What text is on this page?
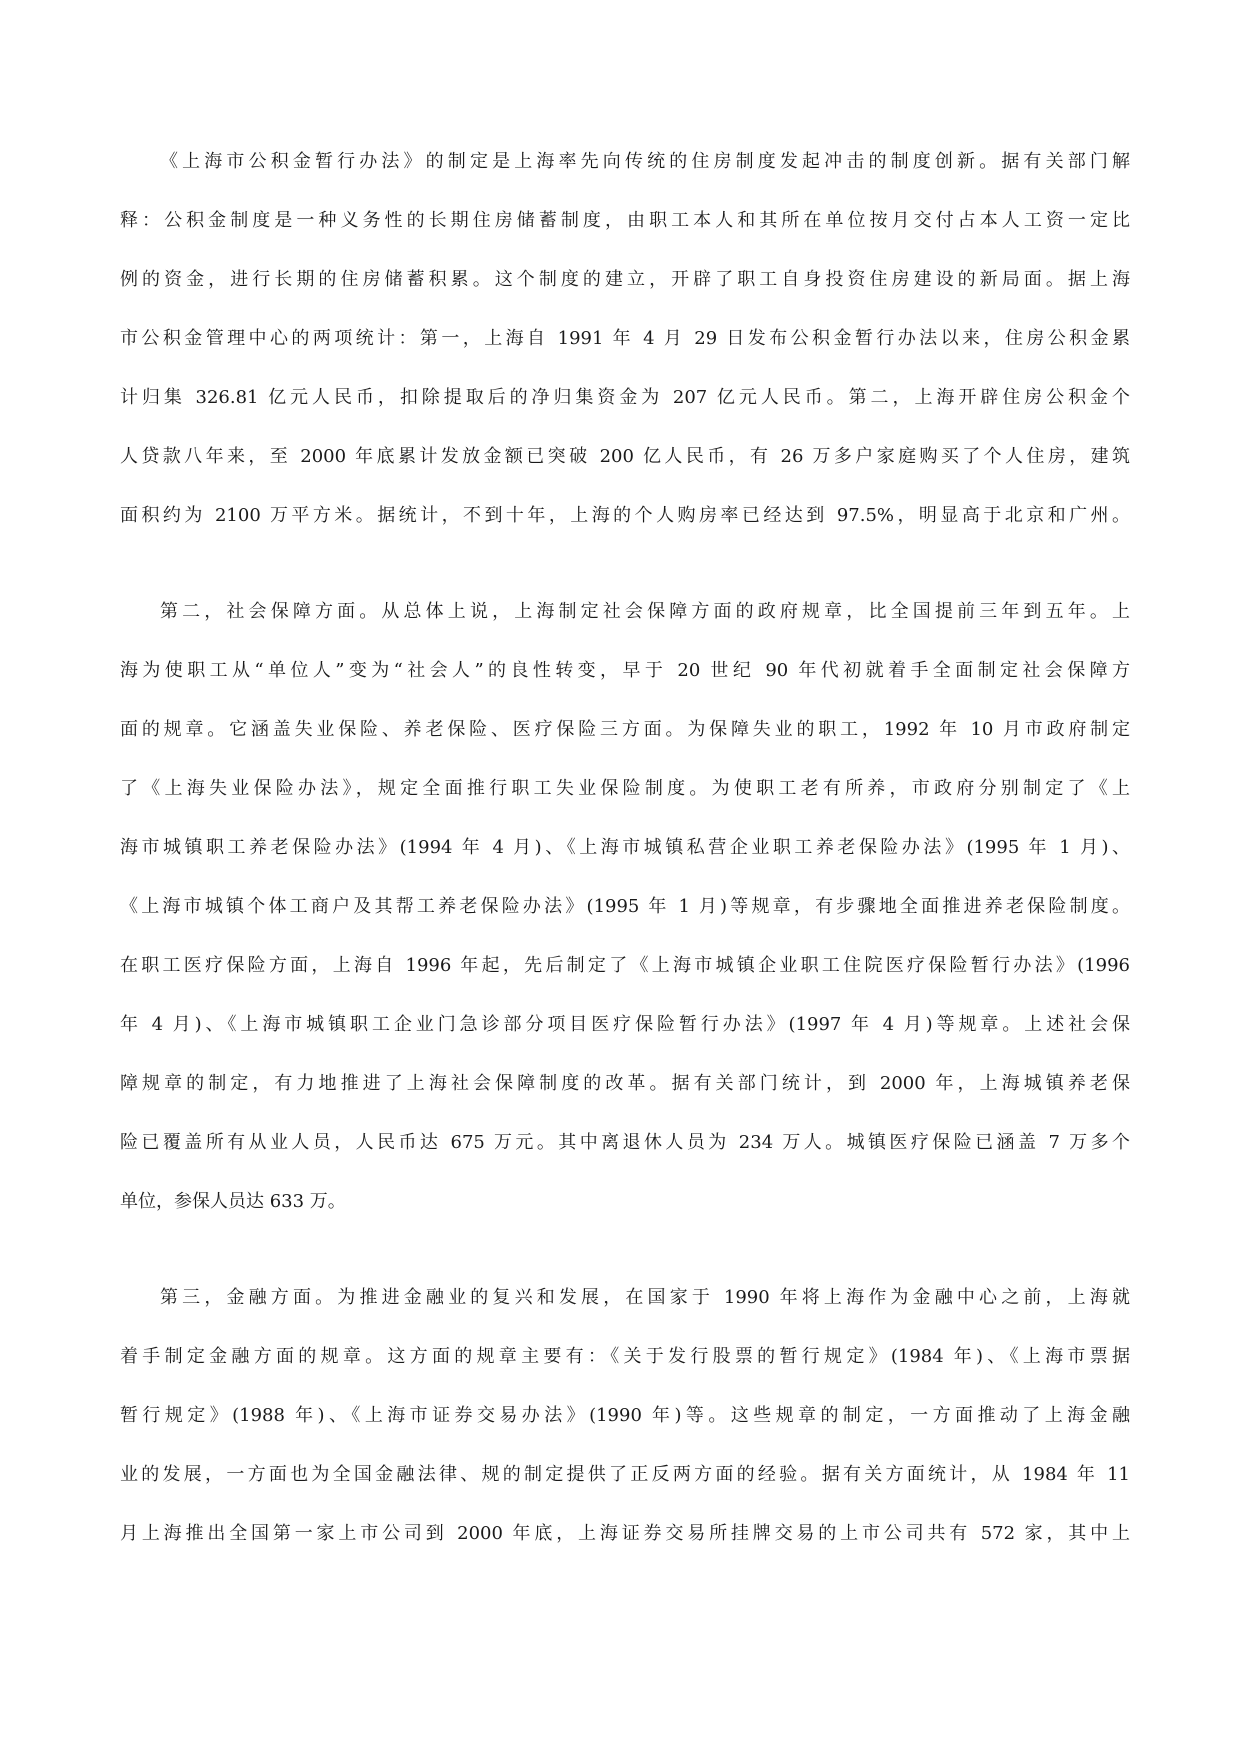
《上海市公积金暂行办法》的制定是上海率先向传统的住房制度发起冲击的制度创新。据有关部门解
释：公积金制度是一种义务性的长期住房储蓄制度，由职工本人和其所在单位按月交付占本人工资一定比
例的资金，进行长期的住房储蓄积累。这个制度的建立，开辟了职工自身投资住房建设的新局面。据上海
市公积金管理中心的两项统计：第一，上海自 1991 年 4 月 29 日发布公积金暂行办法以来，住房公积金累
计归集 326.81 亿元人民币，扣除提取后的净归集资金为 207 亿元人民币。第二，上海开辟住房公积金个
人贷款八年来，至 2000 年底累计发放金额已突破 200 亿人民币，有 26 万多户家庭购买了个人住房，建筑
面积约为 2100 万平方米。据统计，不到十年，上海的个人购房率已经达到 97.5%，明显高于北京和广州。
第二，社会保障方面。从总体上说，上海制定社会保障方面的政府规章，比全国提前三年到五年。上
海为使职工从“单位人”变为“社会人”的良性转变，早于 20 世纪 90 年代初就着手全面制定社会保障方
面的规章。它涵盖失业保险、养老保险、医疗保险三方面。为保障失业的职工，1992 年 10 月市政府制定
了《上海失业保险办法》，规定全面推行职工失业保险制度。为使职工老有所养，市政府分别制定了《上
海市城镇职工养老保险办法》(1994 年 4 月)、《上海市城镇私营企业职工养老保险办法》(1995 年 1 月)、
《上海市城镇个体工商户及其帮工养老保险办法》(1995 年 1 月)等规章，有步骤地全面推进养老保险制度。
在职工医疗保险方面，上海自 1996 年起，先后制定了《上海市城镇企业职工住院医疗保险暂行办法》(1996
年 4 月)、《上海市城镇职工企业门急诊部分项目医疗保险暂行办法》(1997 年 4 月)等规章。上述社会保
障规章的制定，有力地推进了上海社会保障制度的改革。据有关部门统计，到 2000 年，上海城镇养老保
险已覆盖所有从业人员，人民币达 675 万元。其中离退休人员为 234 万人。城镇医疗保险已涵盖 7 万多个
单位，参保人员达 633 万。
第三，金融方面。为推进金融业的复兴和发展，在国家于 1990 年将上海作为金融中心之前，上海就
着手制定金融方面的规章。这方面的规章主要有：《关于发行股票的暂行规定》(1984 年)、《上海市票据
暂行规定》(1988 年)、《上海市证券交易办法》(1990 年)等。这些规章的制定，一方面推动了上海金融
业的发展，一方面也为全国金融法律、规的制定提供了正反两方面的经验。据有关方面统计，从 1984 年 11
月上海推出全国第一家上市公司到 2000 年底，上海证券交易所挂牌交易的上市公司共有 572 家，其中上
